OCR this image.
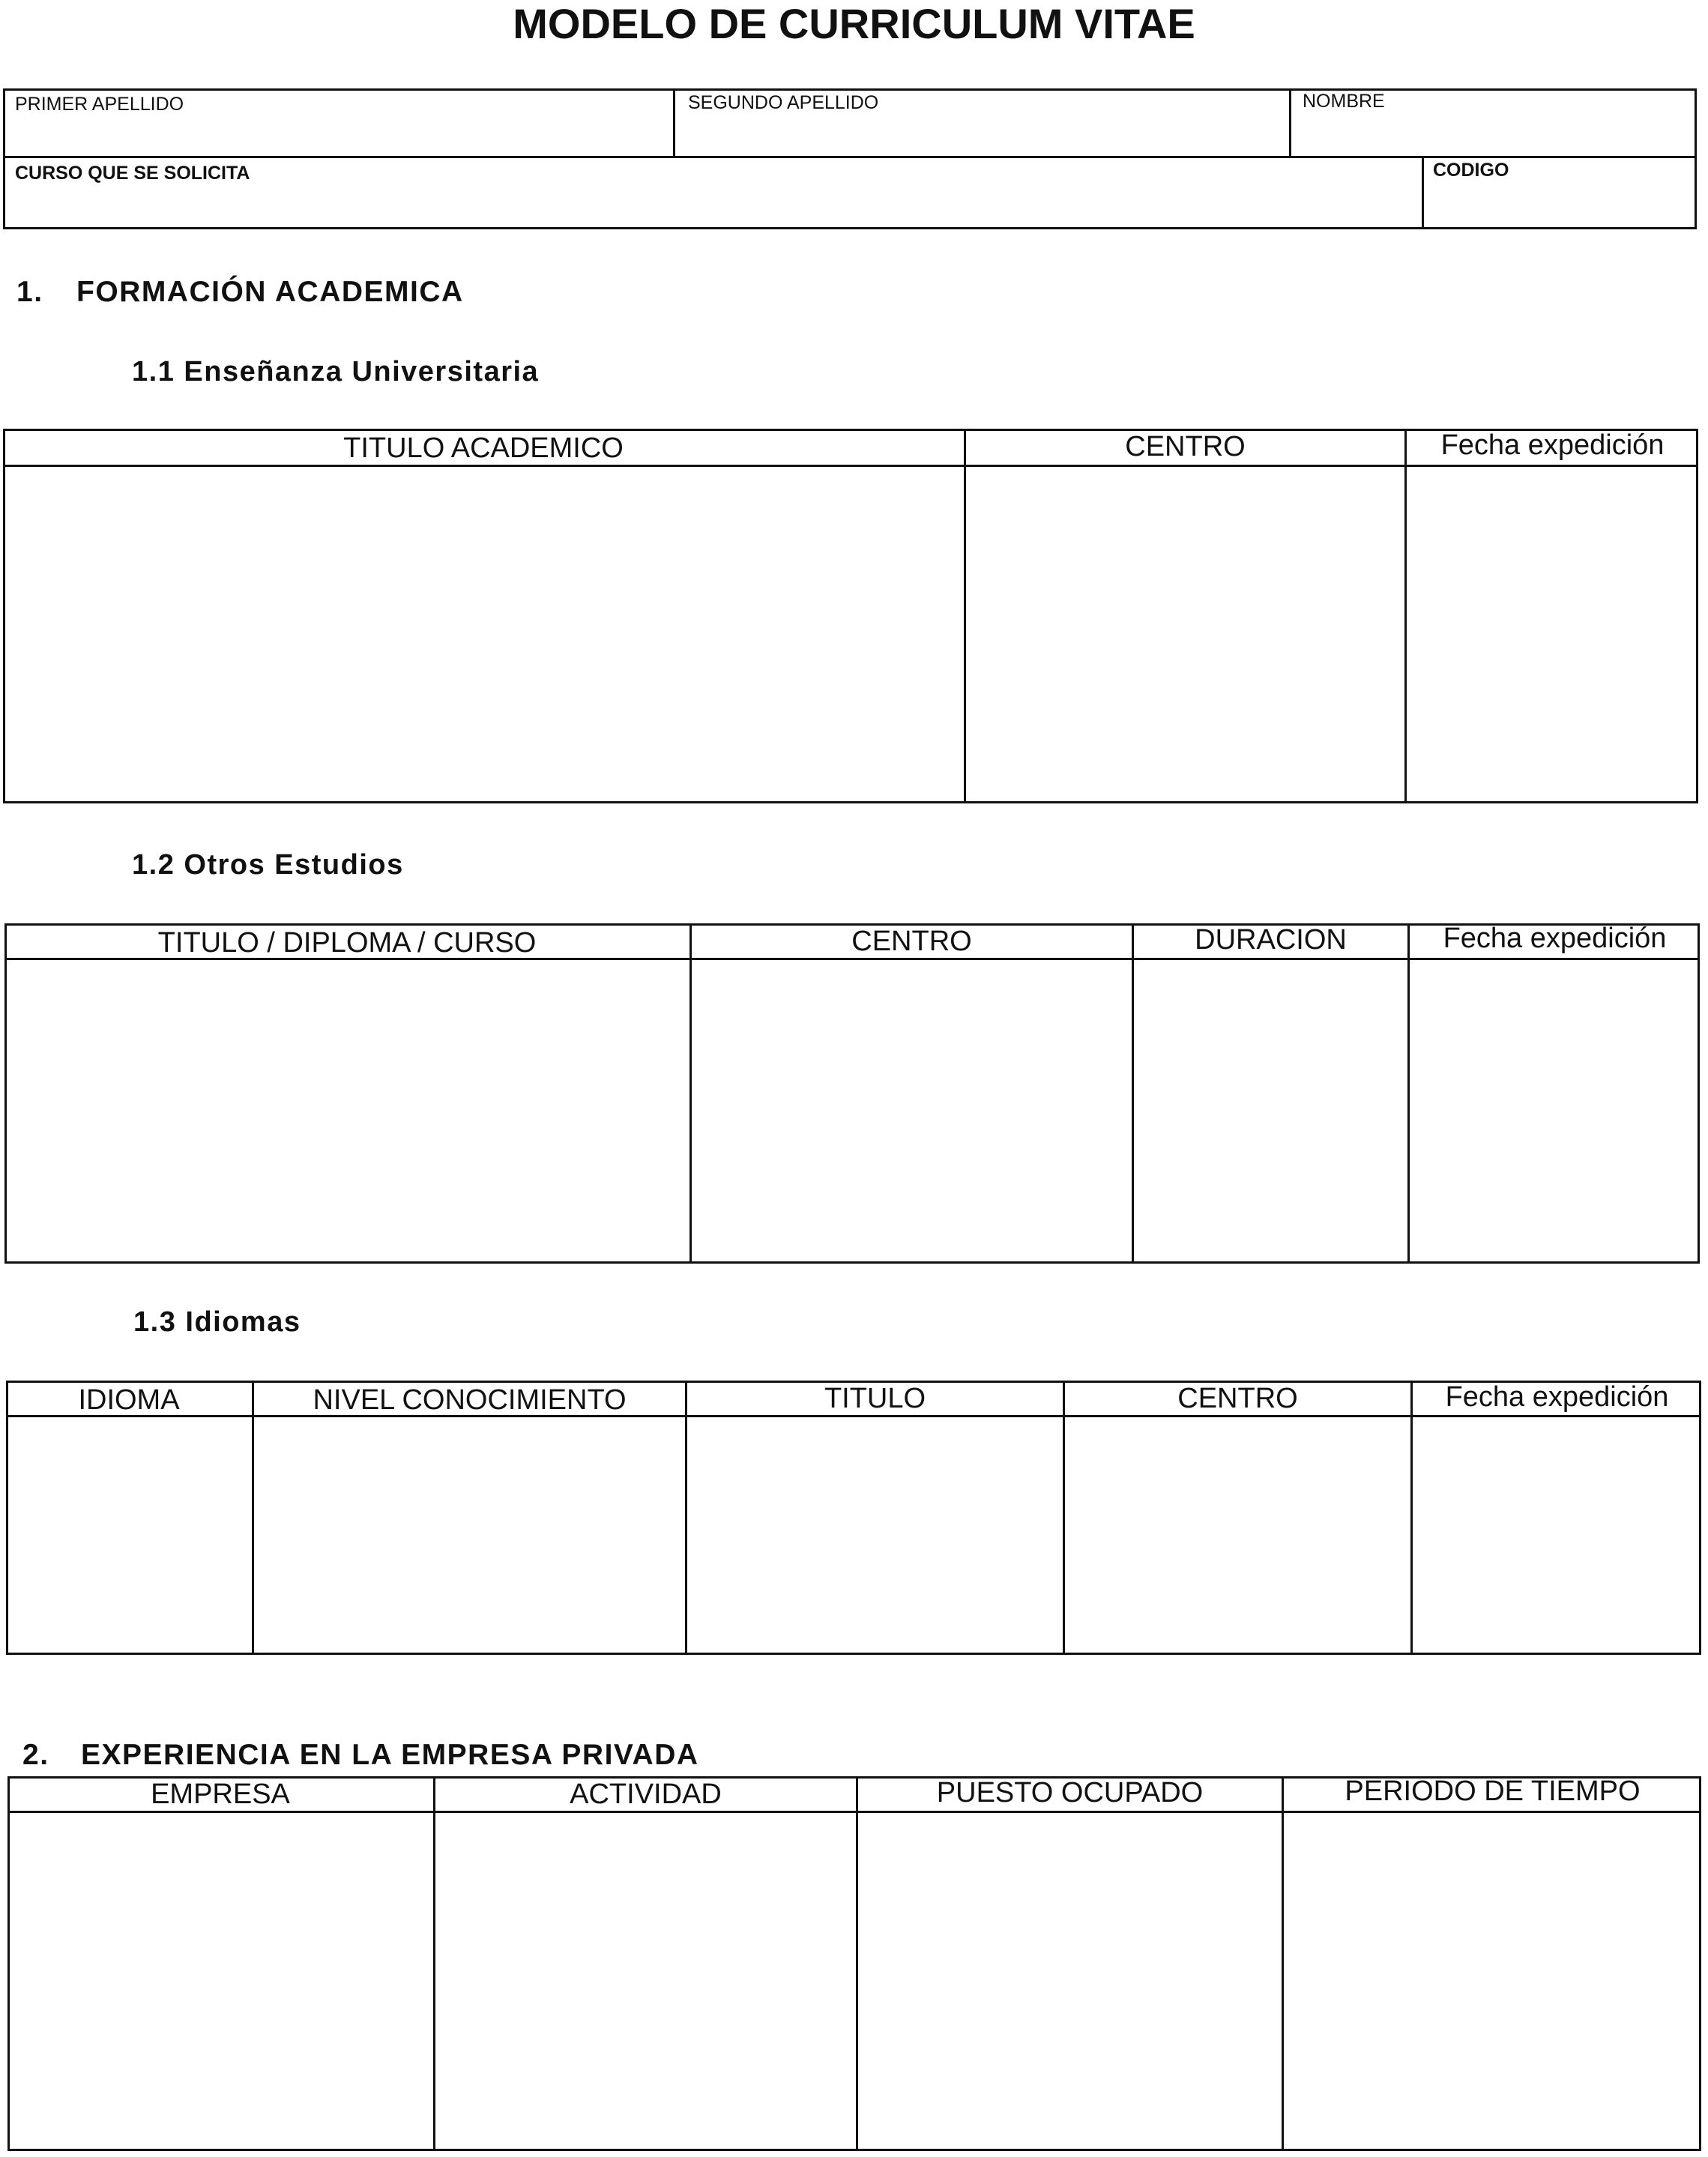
MODELO DE CURRICULUM VITAE
PRIMER APELLIDO	SEGUNDO APELLIDO	NOMBRE
CURSO QUE SE SOLICITA	CODIGO
1. FORMACIÓN ACADEMICA
1.1 Enseñanza Universitaria
TITULO ACADEMICO	CENTRO	Fecha expedición
1.2 Otros Estudios
TITULO / DIPLOMA / CURSO	CENTRO	DURACION	Fecha expedición
1.3 Idiomas
IDIOMA	NIVEL CONOCIMIENTO	TITULO	CENTRO	Fecha expedición
2. EXPERIENCIA EN LA EMPRESA PRIVADA
EMPRESA	ACTIVIDAD	PUESTO OCUPADO	PERIODO DE TIEMPO
